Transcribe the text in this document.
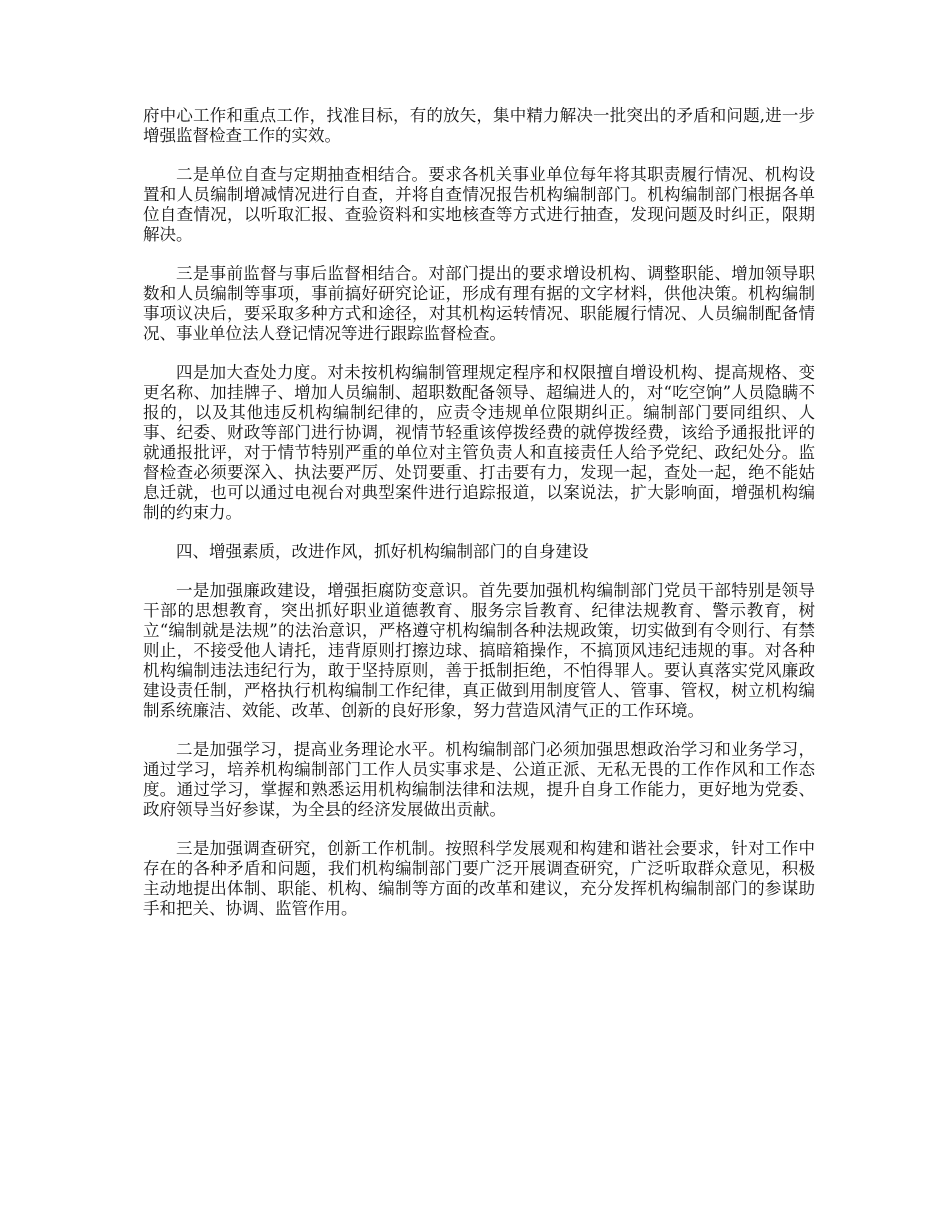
府中心工作和重点工作，找准目标，有的放矢，集中精力解决一批突出的矛盾和问题,进一步增强监督检查工作的实效。

二是单位自查与定期抽查相结合。要求各机关事业单位每年将其职责履行情况、机构设置和人员编制增减情况进行自查，并将自查情况报告机构编制部门。机构编制部门根据各单位自查情况，以听取汇报、查验资料和实地核查等方式进行抽查，发现问题及时纠正，限期解决。

三是事前监督与事后监督相结合。对部门提出的要求增设机构、调整职能、增加领导职数和人员编制等事项，事前搞好研究论证，形成有理有据的文字材料，供他决策。机构编制事项议决后，要采取多种方式和途径，对其机构运转情况、职能履行情况、人员编制配备情况、事业单位法人登记情况等进行跟踪监督检查。

四是加大查处力度。对未按机构编制管理规定程序和权限擅自增设机构、提高规格、变更名称、加挂牌子、增加人员编制、超职数配备领导、超编进人的，对“吃空饷”人员隐瞒不报的，以及其他违反机构编制纪律的，应责令违规单位限期纠正。编制部门要同组织、人事、纪委、财政等部门进行协调，视情节轻重该停拨经费的就停拨经费，该给予通报批评的就通报批评，对于情节特别严重的单位对主管负责人和直接责任人给予党纪、政纪处分。监督检查必须要深入、执法要严厉、处罚要重、打击要有力，发现一起，查处一起，绝不能姑息迁就，也可以通过电视台对典型案件进行追踪报道，以案说法，扩大影响面，增强机构编制的约束力。

四、增强素质，改进作风，抓好机构编制部门的自身建设

一是加强廉政建设，增强拒腐防变意识。首先要加强机构编制部门党员干部特别是领导干部的思想教育，突出抓好职业道德教育、服务宗旨教育、纪律法规教育、警示教育，树立“编制就是法规”的法治意识，严格遵守机构编制各种法规政策，切实做到有令则行、有禁则止，不接受他人请托，违背原则打擦边球、搞暗箱操作，不搞顶风违纪违规的事。对各种机构编制违法违纪行为，敢于坚持原则，善于抵制拒绝，不怕得罪人。要认真落实党风廉政建设责任制，严格执行机构编制工作纪律，真正做到用制度管人、管事、管权，树立机构编制系统廉洁、效能、改革、创新的良好形象，努力营造风清气正的工作环境。

二是加强学习，提高业务理论水平。机构编制部门必须加强思想政治学习和业务学习，通过学习，培养机构编制部门工作人员实事求是、公道正派、无私无畏的工作作风和工作态度。通过学习，掌握和熟悉运用机构编制法律和法规，提升自身工作能力，更好地为党委、政府领导当好参谋，为全县的经济发展做出贡献。

三是加强调查研究，创新工作机制。按照科学发展观和构建和谐社会要求，针对工作中存在的各种矛盾和问题，我们机构编制部门要广泛开展调查研究，广泛听取群众意见，积极主动地提出体制、职能、机构、编制等方面的改革和建议，充分发挥机构编制部门的参谋助手和把关、协调、监管作用。
